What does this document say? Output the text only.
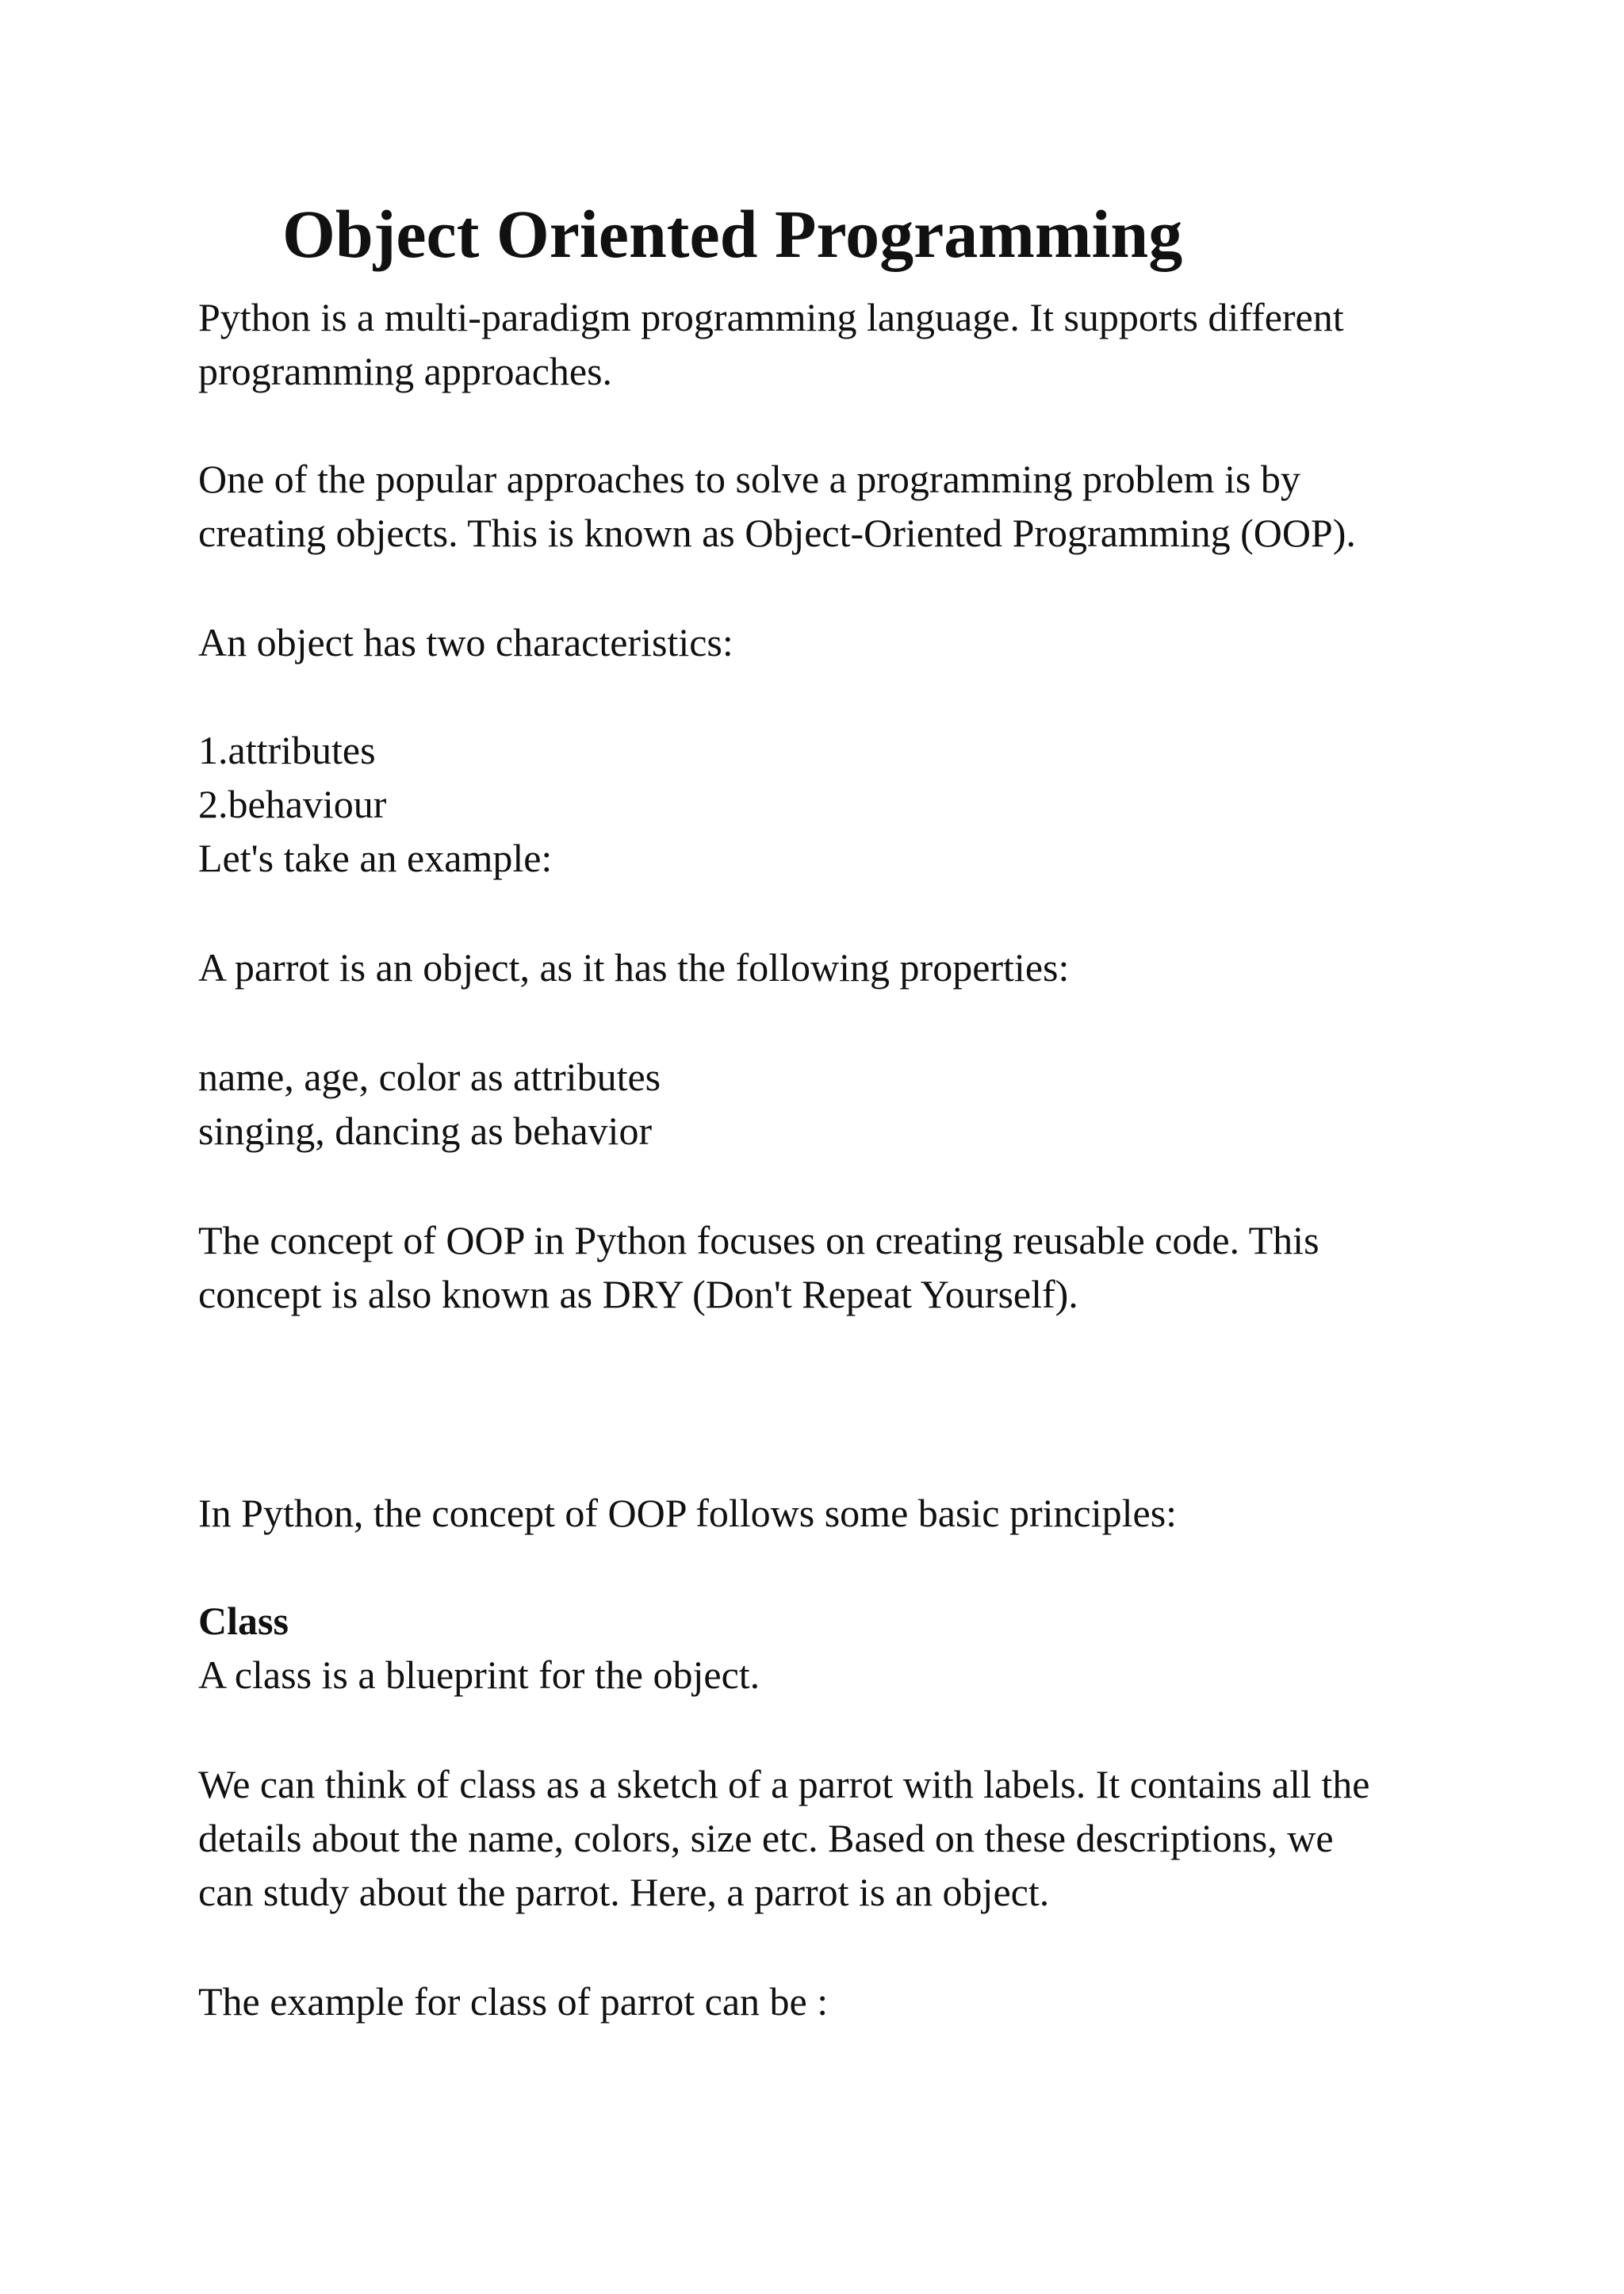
Object Oriented Programming

Python is a multi-paradigm programming language. It supports different

programming approaches.

One of the popular approaches to solve a programming problem is by

creating objects. This is known as Object-Oriented Programming (OOP).

An object has two characteristics:

1.attributes

2.behaviour

Let's take an example:

A parrot is an object, as it has the following properties:

name, age, color as attributes

singing, dancing as behavior

The concept of OOP in Python focuses on creating reusable code. This

concept is also known as DRY (Don't Repeat Yourself).

In Python, the concept of OOP follows some basic principles:

Class

A class is a blueprint for the object.

We can think of class as a sketch of a parrot with labels. It contains all the

details about the name, colors, size etc. Based on these descriptions, we

can study about the parrot. Here, a parrot is an object.

The example for class of parrot can be :
